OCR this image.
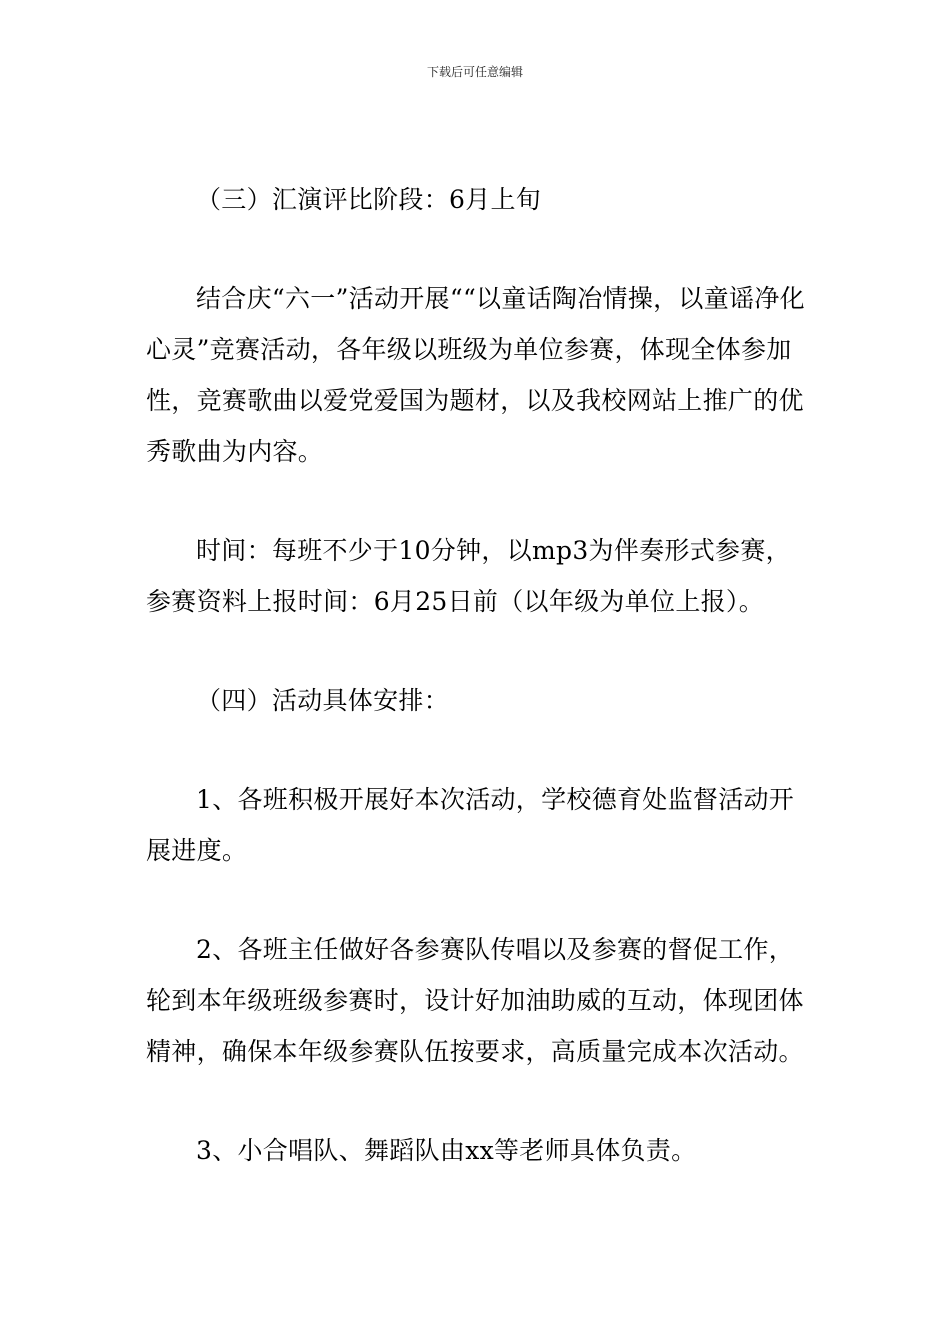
下载后可任意编辑

（三）汇演评比阶段：6月上旬

结合庆“六一”活动开展““以童话陶冶情操，以童谣净化心灵”竞赛活动，各年级以班级为单位参赛，体现全体参加性，竞赛歌曲以爱党爱国为题材，以及我校网站上推广的优秀歌曲为内容。

时间：每班不少于10分钟，以mp3为伴奏形式参赛，参赛资料上报时间：6月25日前（以年级为单位上报）。

（四）活动具体安排：

1、各班积极开展好本次活动，学校德育处监督活动开展进度。

2、各班主任做好各参赛队传唱以及参赛的督促工作，轮到本年级班级参赛时，设计好加油助威的互动，体现团体精神，确保本年级参赛队伍按要求，高质量完成本次活动。

3、小合唱队、舞蹈队由xx等老师具体负责。
